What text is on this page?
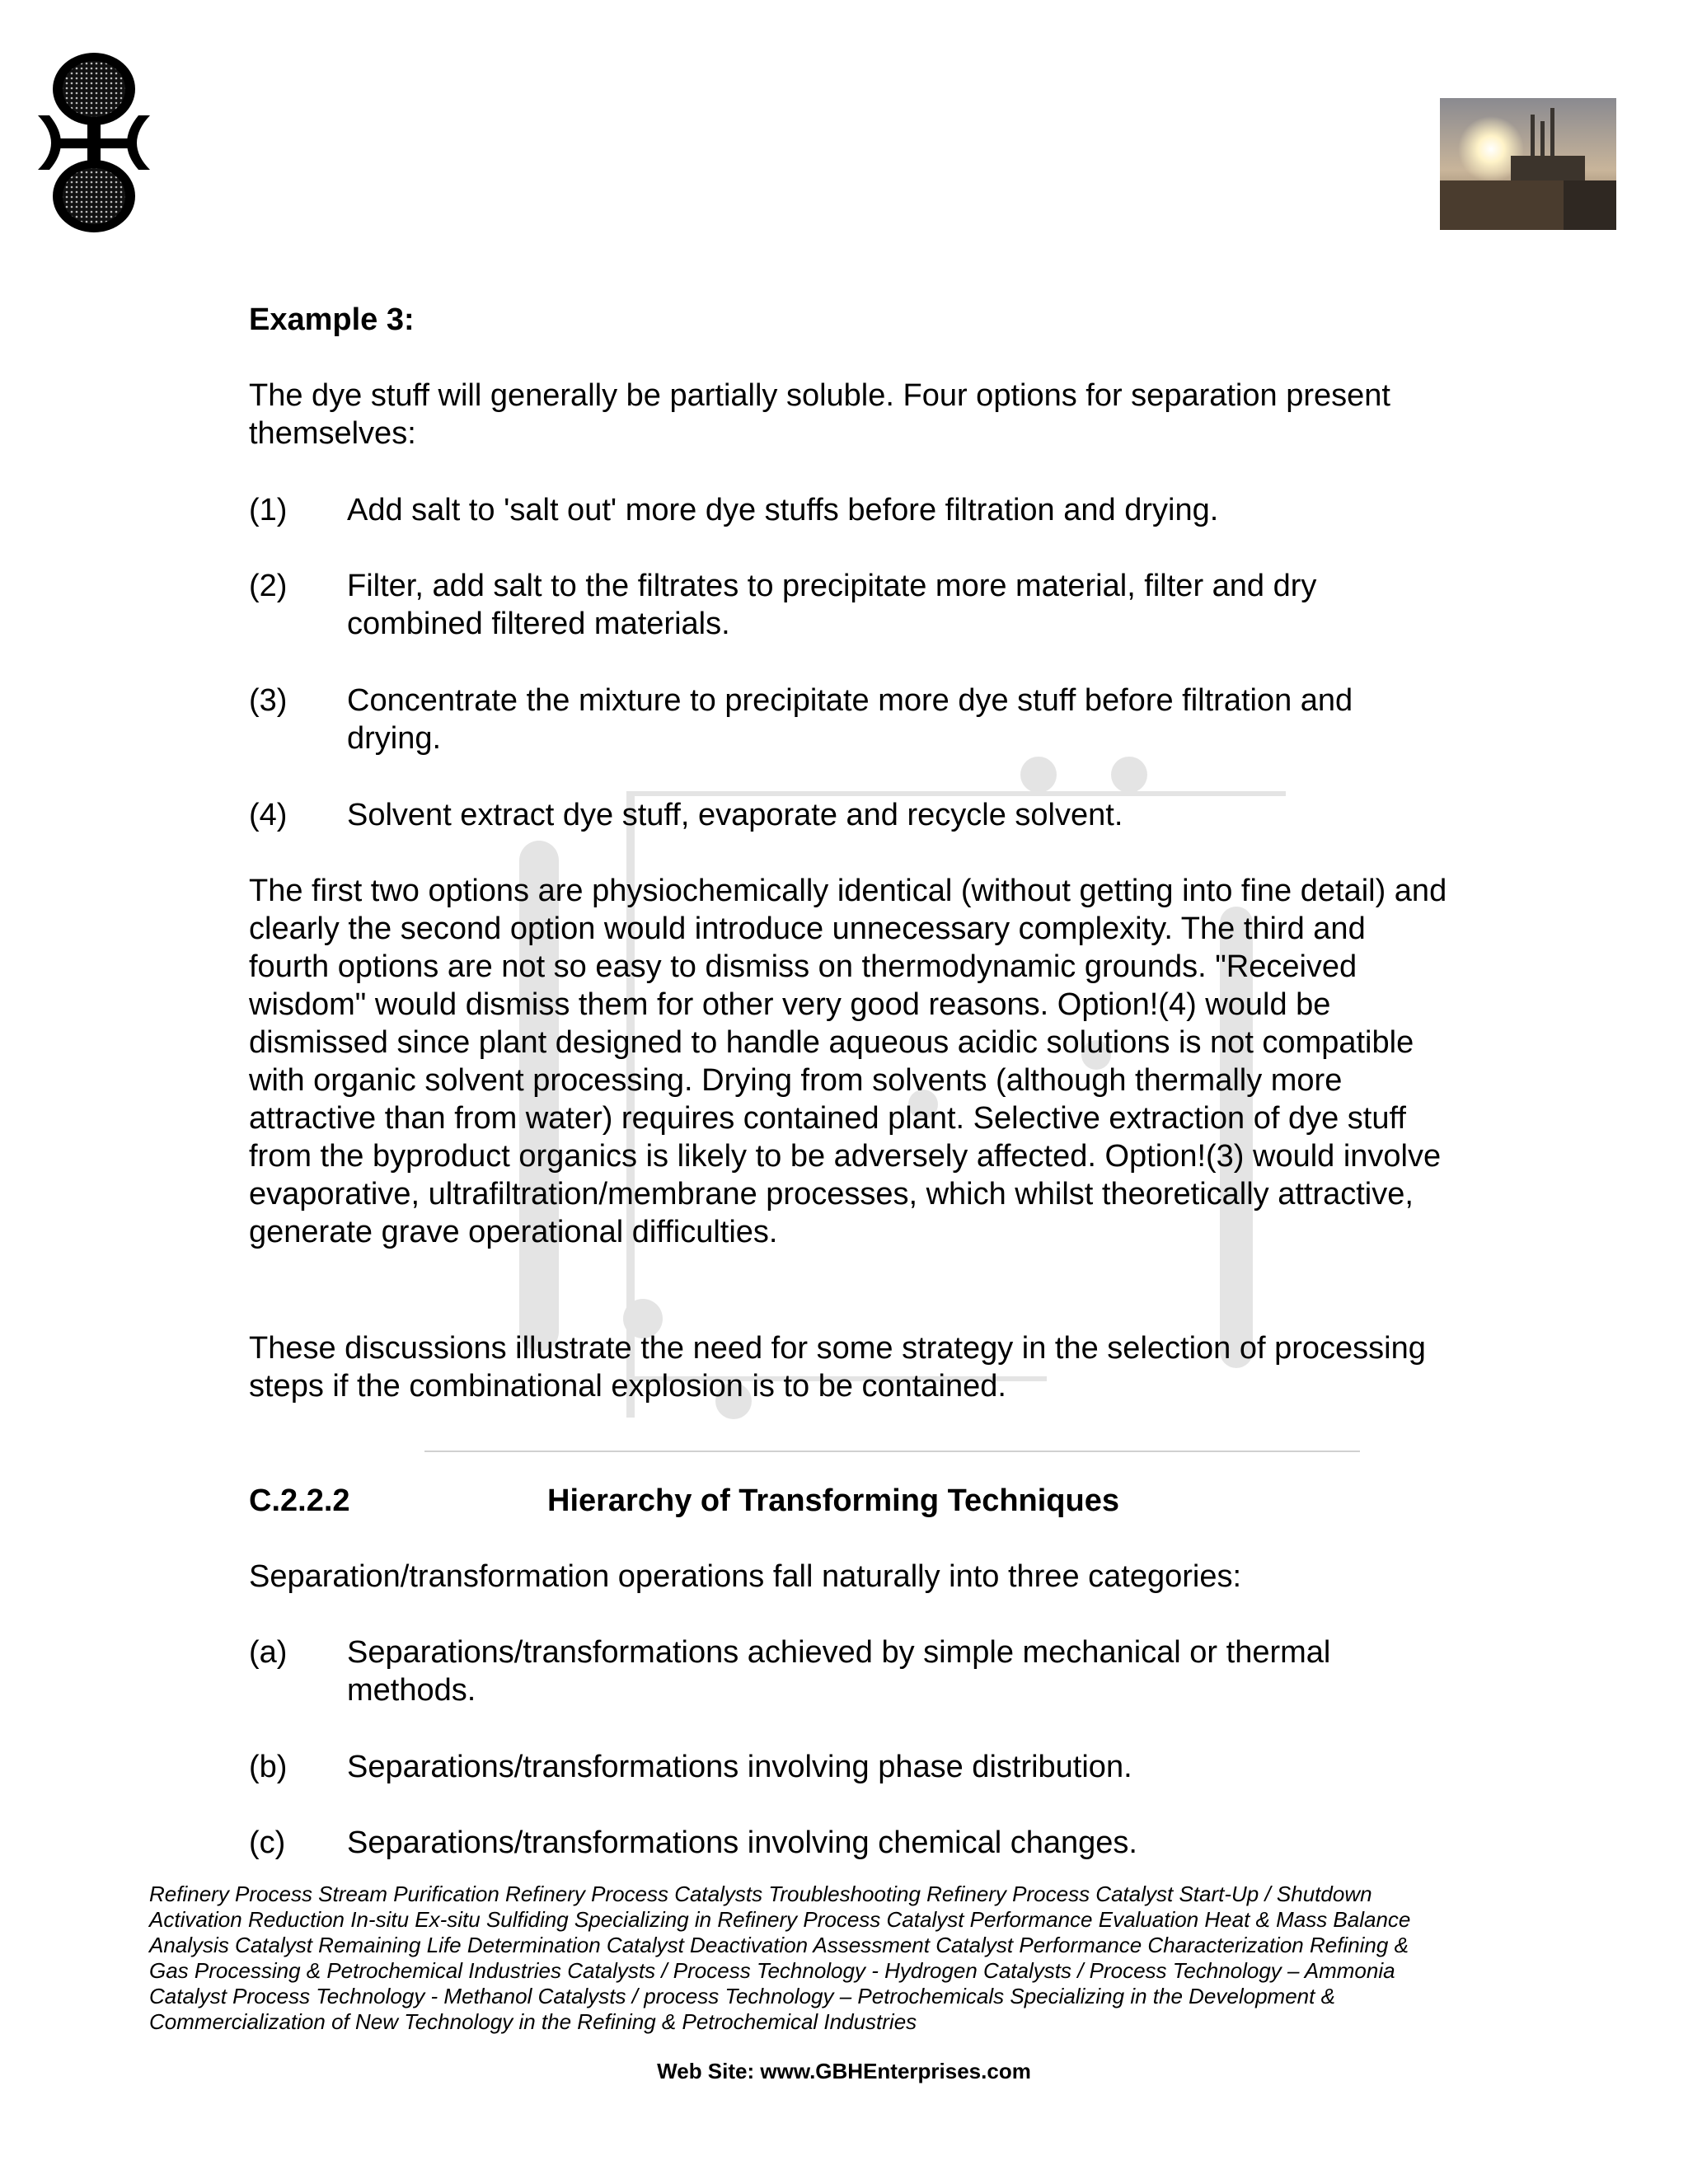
Example 3:

The dye stuff will generally be partially soluble. Four options for separation present themselves:

(1) Add salt to 'salt out' more dye stuffs before filtration and drying.
(2) Filter, add salt to the filtrates to precipitate more material, filter and dry combined filtered materials.
(3) Concentrate the mixture to precipitate more dye stuff before filtration and drying.
(4) Solvent extract dye stuff, evaporate and recycle solvent.

The first two options are physiochemically identical (without getting into fine detail) and clearly the second option would introduce unnecessary complexity. The third and fourth options are not so easy to dismiss on thermodynamic grounds. "Received wisdom" would dismiss them for other very good reasons. Option!(4) would be dismissed since plant designed to handle aqueous acidic solutions is not compatible with organic solvent processing. Drying from solvents (although thermally more attractive than from water) requires contained plant. Selective extraction of dye stuff from the byproduct organics is likely to be adversely affected. Option!(3) would involve evaporative, ultrafiltration/membrane processes, which whilst theoretically attractive, generate grave operational difficulties.

These discussions illustrate the need for some strategy in the selection of processing steps if the combinational explosion is to be contained.

C.2.2.2	Hierarchy of Transforming Techniques

Separation/transformation operations fall naturally into three categories:

(a) Separations/transformations achieved by simple mechanical or thermal methods.
(b) Separations/transformations involving phase distribution.
(c) Separations/transformations involving chemical changes.
Refinery Process Stream Purification Refinery Process Catalysts Troubleshooting Refinery Process Catalyst Start-Up / Shutdown Activation Reduction In-situ Ex-situ Sulfiding Specializing in Refinery Process Catalyst Performance Evaluation Heat & Mass Balance Analysis Catalyst Remaining Life Determination Catalyst Deactivation Assessment Catalyst Performance Characterization Refining & Gas Processing & Petrochemical Industries Catalysts / Process Technology - Hydrogen Catalysts / Process Technology – Ammonia Catalyst Process Technology - Methanol Catalysts / process Technology – Petrochemicals Specializing in the Development & Commercialization of New Technology in the Refining & Petrochemical Industries
Web Site: www.GBHEnterprises.com
